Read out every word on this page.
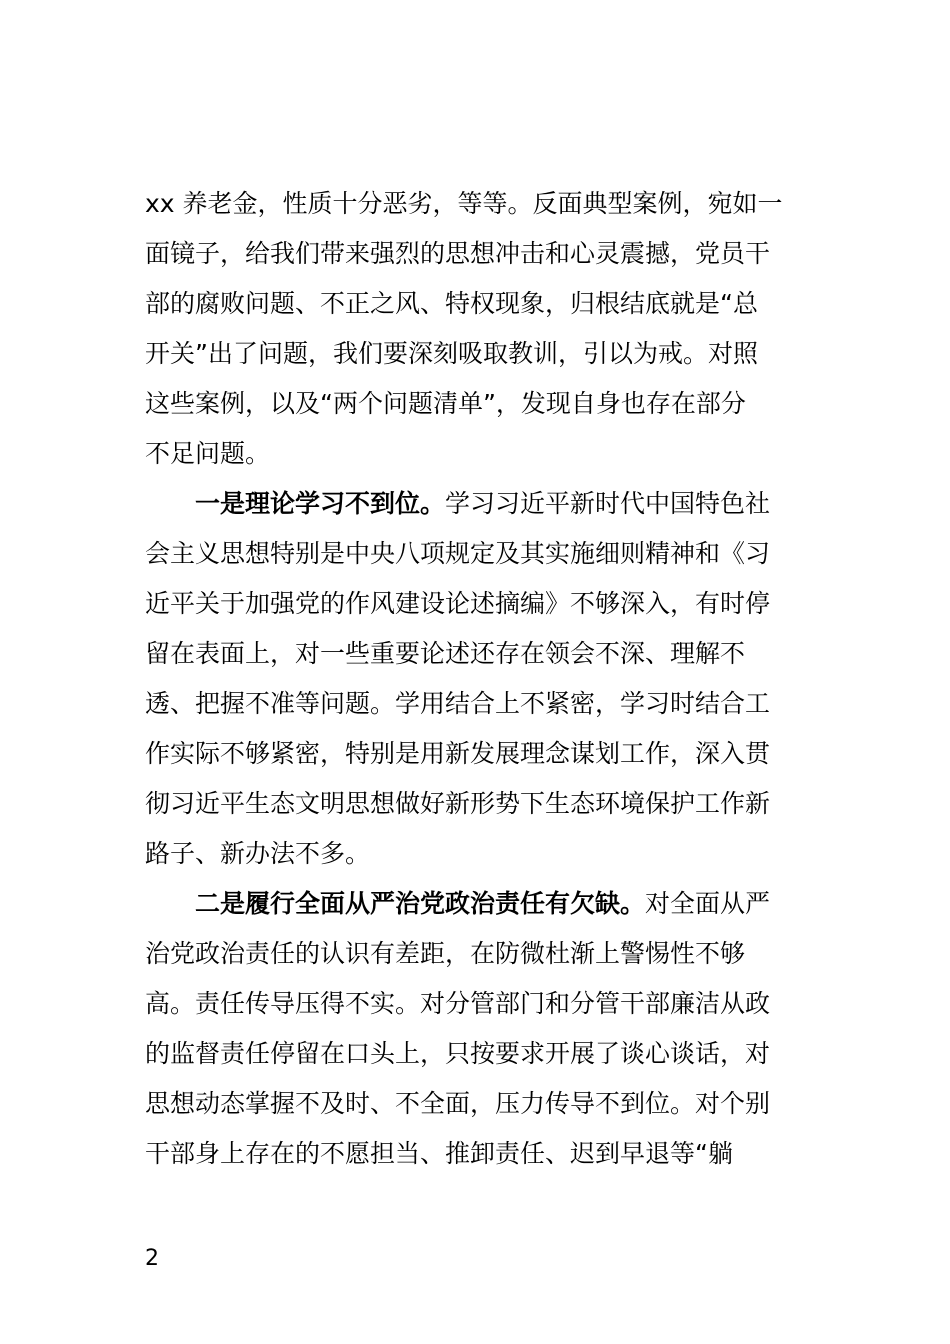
xx 养老金，性质十分恶劣，等等。反面典型案例，宛如一
面镜子，给我们带来强烈的思想冲击和心灵震撼，党员干
部的腐败问题、不正之风、特权现象，归根结底就是“总
开关”出了问题，我们要深刻吸取教训，引以为戒。对照
这些案例，以及“两个问题清单”，发现自身也存在部分
不足问题。
一是理论学习不到位。学习习近平新时代中国特色社
会主义思想特别是中央八项规定及其实施细则精神和《习
近平关于加强党的作风建设论述摘编》不够深入，有时停
留在表面上，对一些重要论述还存在领会不深、理解不
透、把握不准等问题。学用结合上不紧密，学习时结合工
作实际不够紧密，特别是用新发展理念谋划工作，深入贯
彻习近平生态文明思想做好新形势下生态环境保护工作新
路子、新办法不多。
二是履行全面从严治党政治责任有欠缺。对全面从严
治党政治责任的认识有差距，在防微杜渐上警惕性不够
高。责任传导压得不实。对分管部门和分管干部廉洁从政
的监督责任停留在口头上，只按要求开展了谈心谈话，对
思想动态掌握不及时、不全面，压力传导不到位。对个别
干部身上存在的不愿担当、推卸责任、迟到早退等“躺
2
